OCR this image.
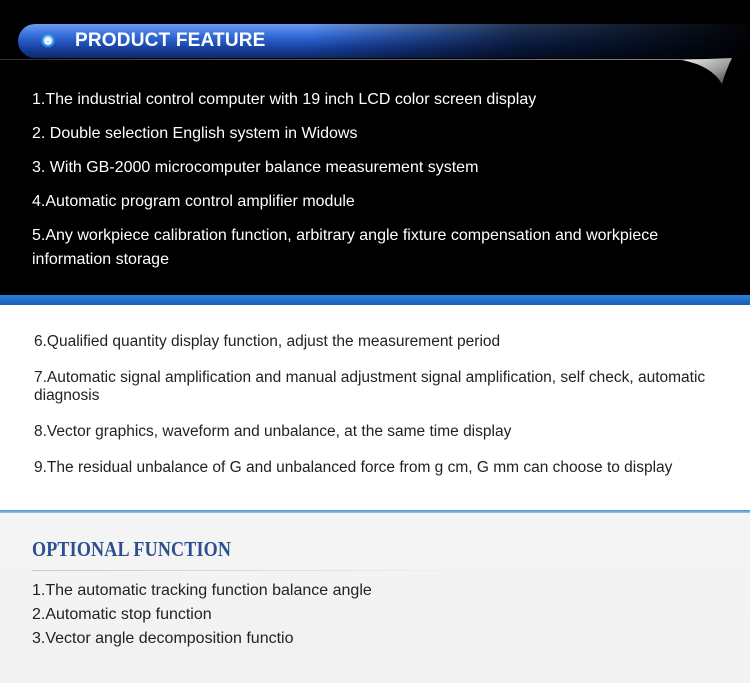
PRODUCT FEATURE
1.The industrial control computer with 19 inch LCD color screen display
2. Double selection English system in Widows
3. With GB-2000 microcomputer balance measurement system
4.Automatic program control amplifier module
5.Any workpiece calibration function, arbitrary angle fixture compensation and workpiece information storage
6.Qualified quantity display function, adjust the measurement period
7.Automatic signal amplification and manual adjustment signal amplification, self check, automatic diagnosis
8.Vector graphics, waveform and unbalance, at the same time display
9.The residual unbalance of G and unbalanced force from g cm, G mm can choose to display
OPTIONAL FUNCTION
1.The automatic tracking function balance angle
2.Automatic stop function
3.Vector angle decomposition functio
